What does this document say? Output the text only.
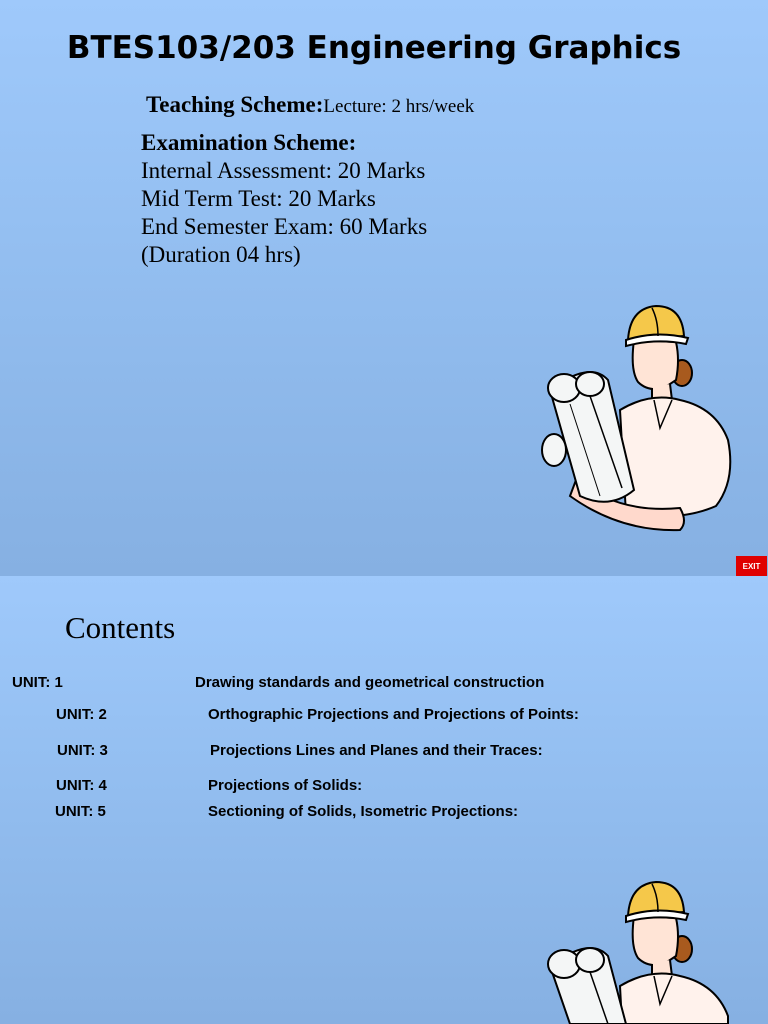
BTES103/203 Engineering Graphics
Teaching Scheme:Lecture: 2 hrs/week
Examination Scheme:
Internal Assessment: 20 Marks
Mid Term Test: 20 Marks
End Semester Exam: 60 Marks
(Duration 04 hrs)
EXIT
Contents
UNIT: 1	Drawing standards and geometrical construction
UNIT: 2	Orthographic Projections and Projections of Points:
UNIT: 3	Projections Lines and Planes and their Traces:
UNIT: 4	Projections of Solids:
UNIT: 5	Sectioning of Solids, Isometric Projections:
